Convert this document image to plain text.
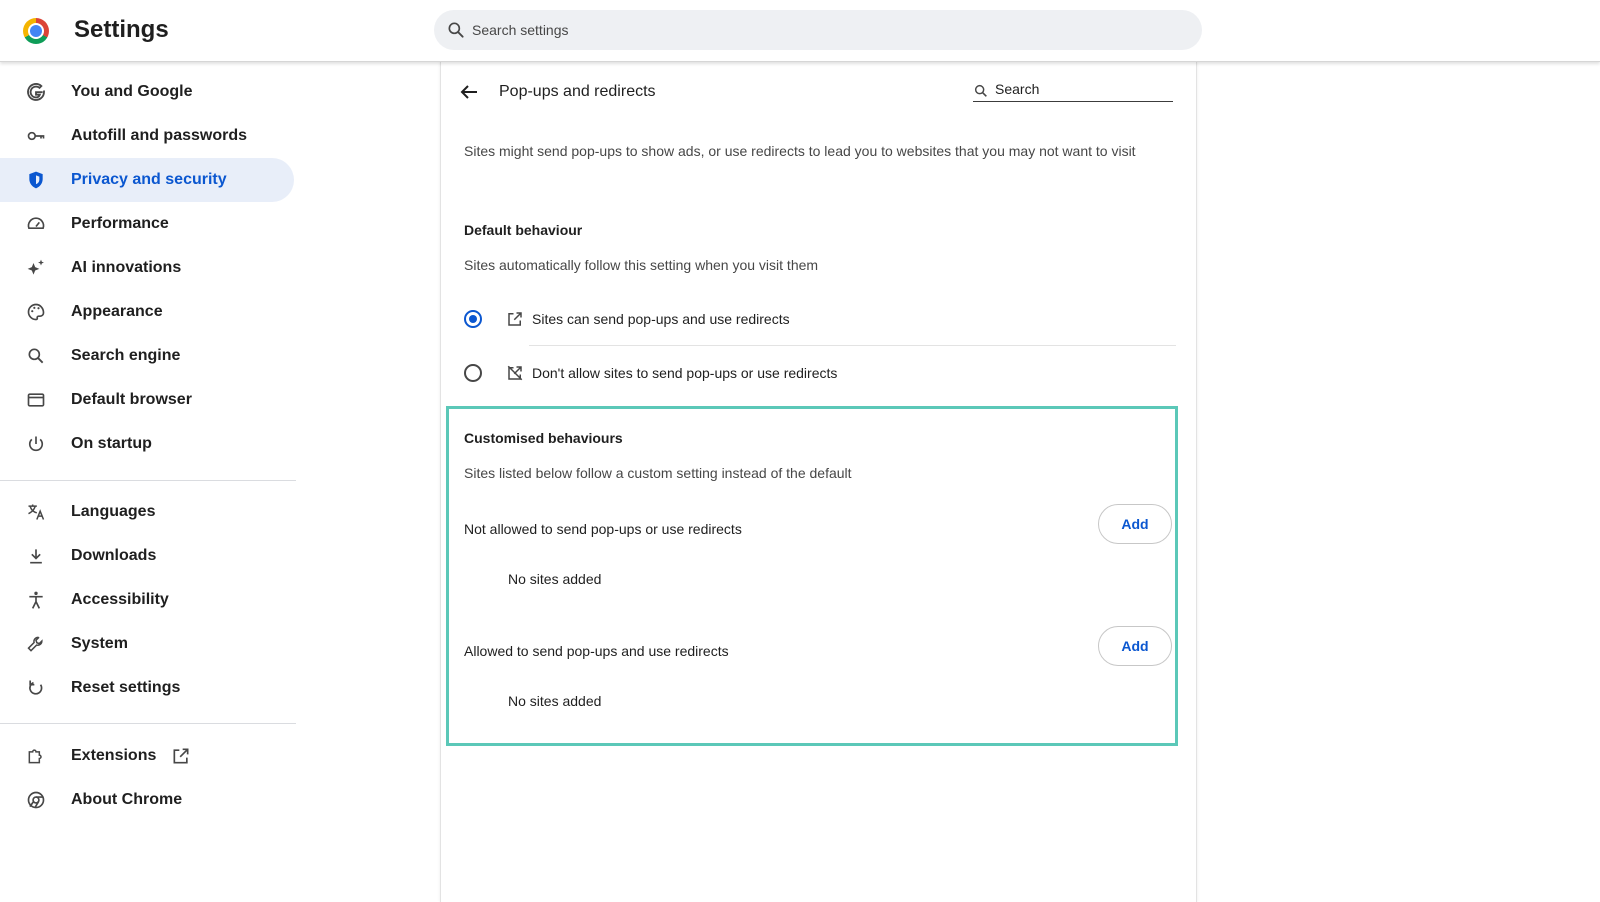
Settings
Search settings
You and Google
Autofill and passwords
Privacy and security
Performance
AI innovations
Appearance
Search engine
Default browser
On startup
Languages
Downloads
Accessibility
System
Reset settings
Extensions
About Chrome
Pop-ups and redirects
Search
Sites might send pop-ups to show ads, or use redirects to lead you to websites that you may not want to visit
Default behaviour
Sites automatically follow this setting when you visit them
Sites can send pop-ups and use redirects
Don't allow sites to send pop-ups or use redirects
Customised behaviours
Sites listed below follow a custom setting instead of the default
Not allowed to send pop-ups or use redirects	Add
No sites added
Allowed to send pop-ups and use redirects	Add
No sites added
